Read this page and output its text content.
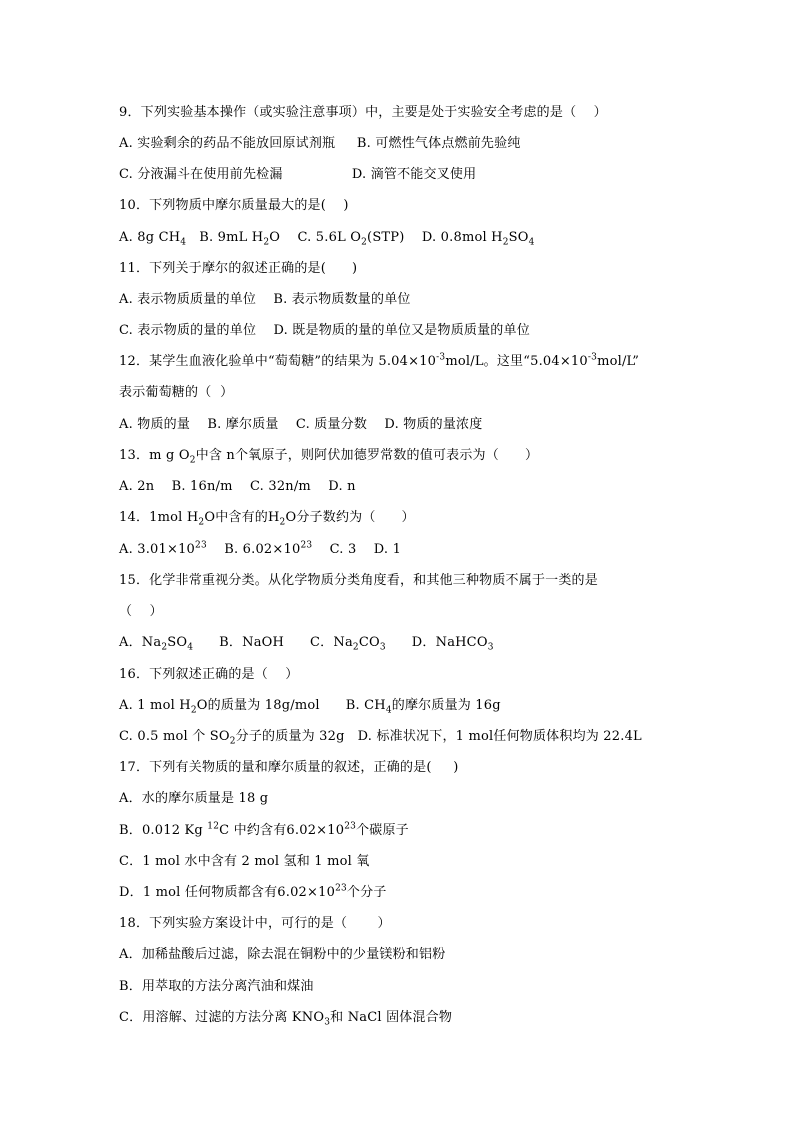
9．下列实验基本操作（或实验注意事项）中，主要是处于实验安全考虑的是（    ）
A. 实验剩余的药品不能放回原试剂瓶     B. 可燃性气体点燃前先验纯
C. 分液漏斗在使用前先检漏                D. 滴管不能交叉使用
10．下列物质中摩尔质量最大的是(    )
A. 8g $CH_4$   B. 9mL $H_2O$    C. 5.6L $O_2(STP)$    D. 0.8mol $H_2SO_4$
11．下列关于摩尔的叙述正确的是(      )
A. 表示物质质量的单位    B. 表示物质数量的单位
C. 表示物质的量的单位    D. 既是物质的量的单位又是物质质量的单位
12．某学生血液化验单中“萄萄糖”的结果为 $5.04\times 10^{-3}mol/L$。这里“$5.04\times 10^{-3}mol/L$”
表示葡萄糖的（  ）
A. 物质的量    B. 摩尔质量    C. 质量分数    D. 物质的量浓度
13．m g $O_2$中含 n个氧原子，则阿伏加德罗常数的值可表示为（      ）
A. 2n    B. 16n/m    C. 32n/m    D. n
14．1mol $H_2O$中含有的$H_2O$分子数约为（      ）
A. $3.01\times 10^{23}$    B. $6.02\times 10^{23}$    C. 3    D. 1
15．化学非常重视分类。从化学物质分类角度看，和其他三种物质不属于一类的是
（    ）
A．$Na_2SO_4$      B．NaOH      C．$Na_2CO_3$      D．NaHCO$_3$
16．下列叙述正确的是（    ）
A. 1 mol $H_2O$的质量为 18g/mol      B. $CH_4$的摩尔质量为 16g
C. 0.5 mol 个 $SO_2$分子的质量为 32g   D. 标准状况下，1 mol任何物质体积均为 22.4L
17．下列有关物质的量和摩尔质量的叙述，正确的是(     )
A．水的摩尔质量是 18 g
B．0.012 Kg $^{12}$C 中约含有$6.02\times 10^{23}$个碳原子
C．1 mol 水中含有 2 mol 氢和 1 mol 氧
D．1 mol 任何物质都含有$6.02\times 10^{23}$个分子
18．下列实验方案设计中，可行的是（       ）
A．加稀盐酸后过滤，除去混在铜粉中的少量镁粉和铝粉
B．用萃取的方法分离汽油和煤油
C．用溶解、过滤的方法分离 $KNO_3$和 NaCl 固体混合物
